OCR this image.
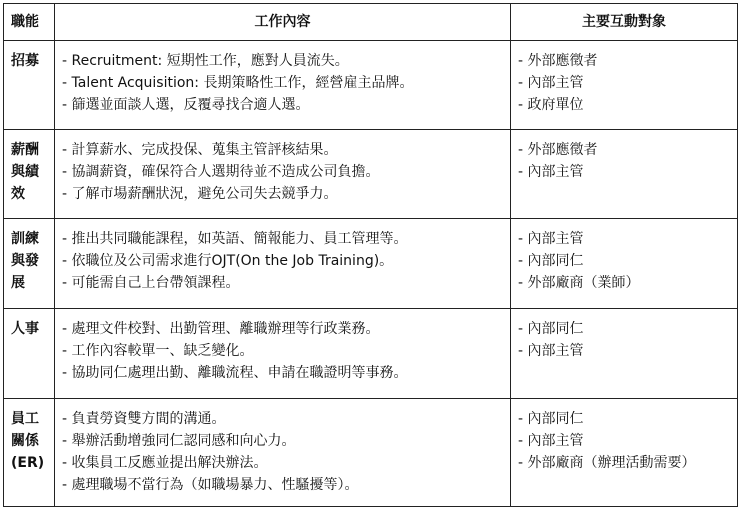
職能	工作內容	主要互動對象
招募	- Recruitment: 短期性工作，應對人員流失。
- Talent Acquisition: 長期策略性工作，經營雇主品牌。
- 篩選並面談人選，反覆尋找合適人選。	- 外部應徵者
- 內部主管
- 政府單位

薪酬與績效	- 計算薪水、完成投保、蒐集主管評核結果。
- 協調薪資，確保符合人選期待並不造成公司負擔。
- 了解市場薪酬狀況，避免公司失去競爭力。	- 外部應徵者
- 內部主管

訓練與發展	- 推出共同職能課程，如英語、簡報能力、員工管理等。
- 依職位及公司需求進行OJT(On the Job Training)。
- 可能需自己上台帶領課程。	- 內部主管
- 內部同仁
- 外部廠商（業師）

人事	- 處理文件校對、出勤管理、離職辦理等行政業務。
- 工作內容較單一、缺乏變化。
- 協助同仁處理出勤、離職流程、申請在職證明等事務。	- 內部同仁
- 內部主管

員工關係(ER)	- 負責勞資雙方間的溝通。
- 舉辦活動增強同仁認同感和向心力。
- 收集員工反應並提出解決辦法。
- 處理職場不當行為（如職場暴力、性騷擾等）。	- 內部同仁
- 內部主管
- 外部廠商（辦理活動需要）
